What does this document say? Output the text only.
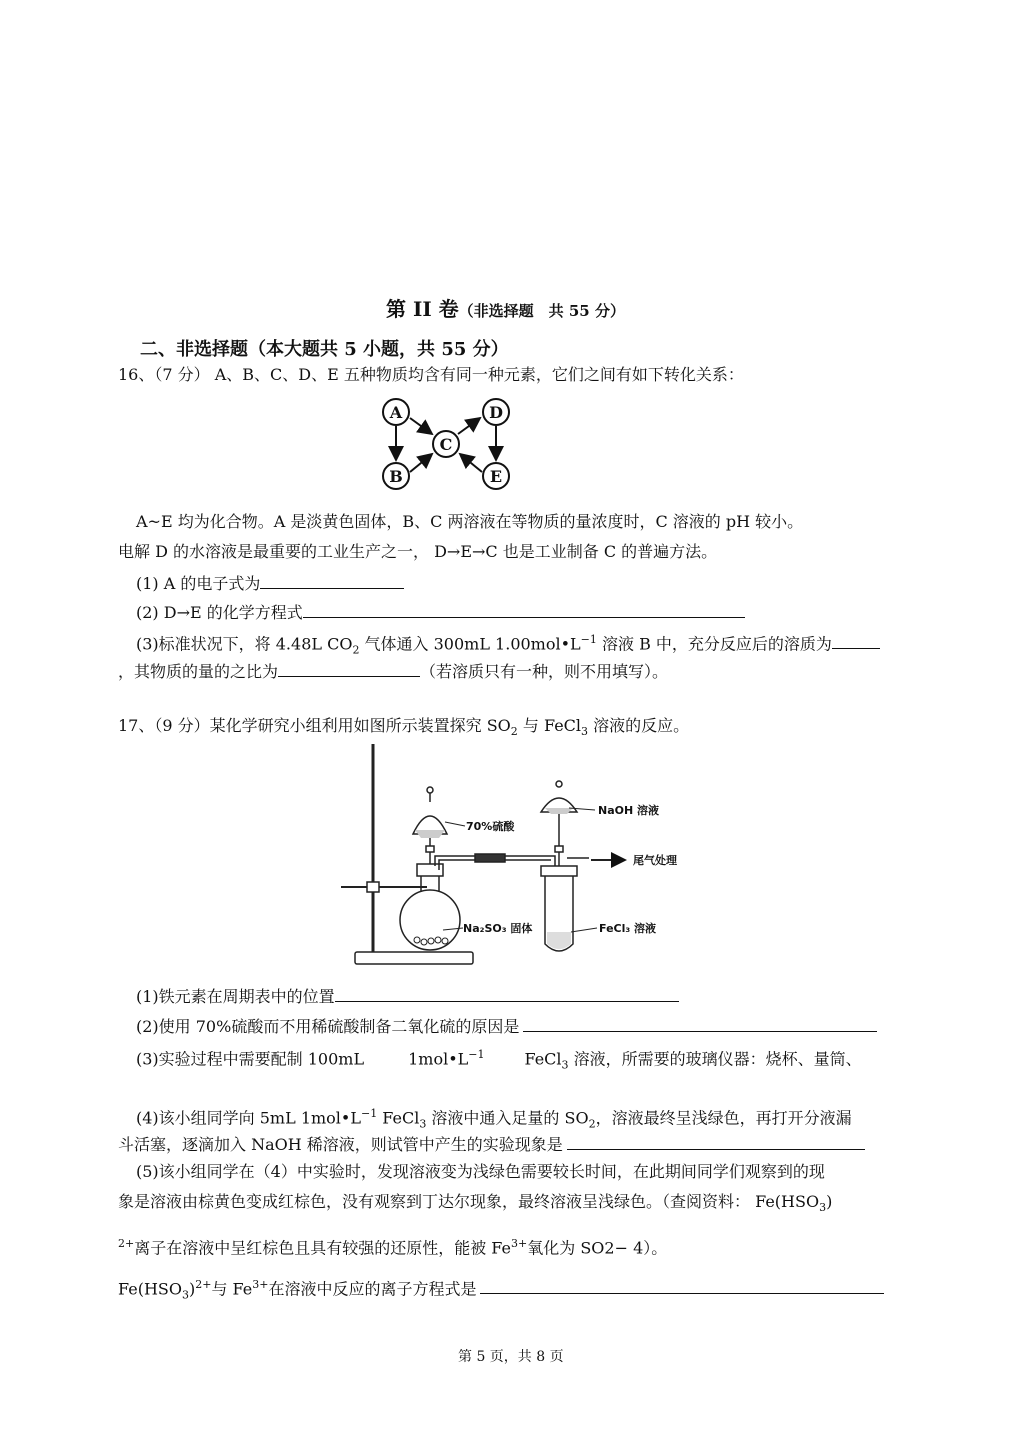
第 II 卷（非选择题　共 55 分）
二、非选择题（本大题共 5 小题，共 55 分）
16、（7 分） A、B、C、D、E 五种物质均含有同一种元素，它们之间有如下转化关系：
A
B
C
D
E
A~E 均为化合物。A 是淡黄色固体，B、C 两溶液在等物质的量浓度时，C 溶液的 pH 较小。
电解 D 的水溶液是最重要的工业生产之一， D→E→C 也是工业制备 C 的普遍方法。
(1) A 的电子式为
(2) D→E 的化学方程式
(3)标准状况下，将 4.48L $CO_2$ 气体通入 300mL $1.00mol•L^{-1}$ 溶液 B 中，充分反应后的溶质为
，其物质的量的之比为	（若溶质只有一种，则不用填写）。
17、（9 分）某化学研究小组利用如图所示装置探究 $SO_2$ 与 FeCl$_3$ 溶液的反应。
70%硫酸
Na₂SO₃ 固体
NaOH 溶液
尾气处理
FeCl₃ 溶液
(1)铁元素在周期表中的位置
(2)使用 70%硫酸而不用稀硫酸制备二氧化硫的原因是
(3)实验过程中需要配制 100mL	$1mol•L^{-1}$	FeCl$_3$ 溶液，所需要的玻璃仪器：烧杯、量筒、
(4)该小组同学向 5mL $1mol•L^{-1}$ FeCl$_3$ 溶液中通入足量的 $SO_2$，溶液最终呈浅绿色，再打开分液漏
斗活塞，逐滴加入 NaOH 稀溶液，则试管中产生的实验现象是
(5)该小组同学在（4）中实验时，发现溶液变为浅绿色需要较长时间，在此期间同学们观察到的现
象是溶液由棕黄色变成红棕色，没有观察到丁达尔现象，最终溶液呈浅绿色。（查阅资料： $Fe(HSO_3)$
$^{2+}$离子在溶液中呈红棕色且具有较强的还原性，能被 $Fe^{3+}$氧化为 SO2− 4）。
$Fe(HSO_3)^{2+}$与 $Fe^{3+}$在溶液中反应的离子方程式是
第 5 页，共 8 页
